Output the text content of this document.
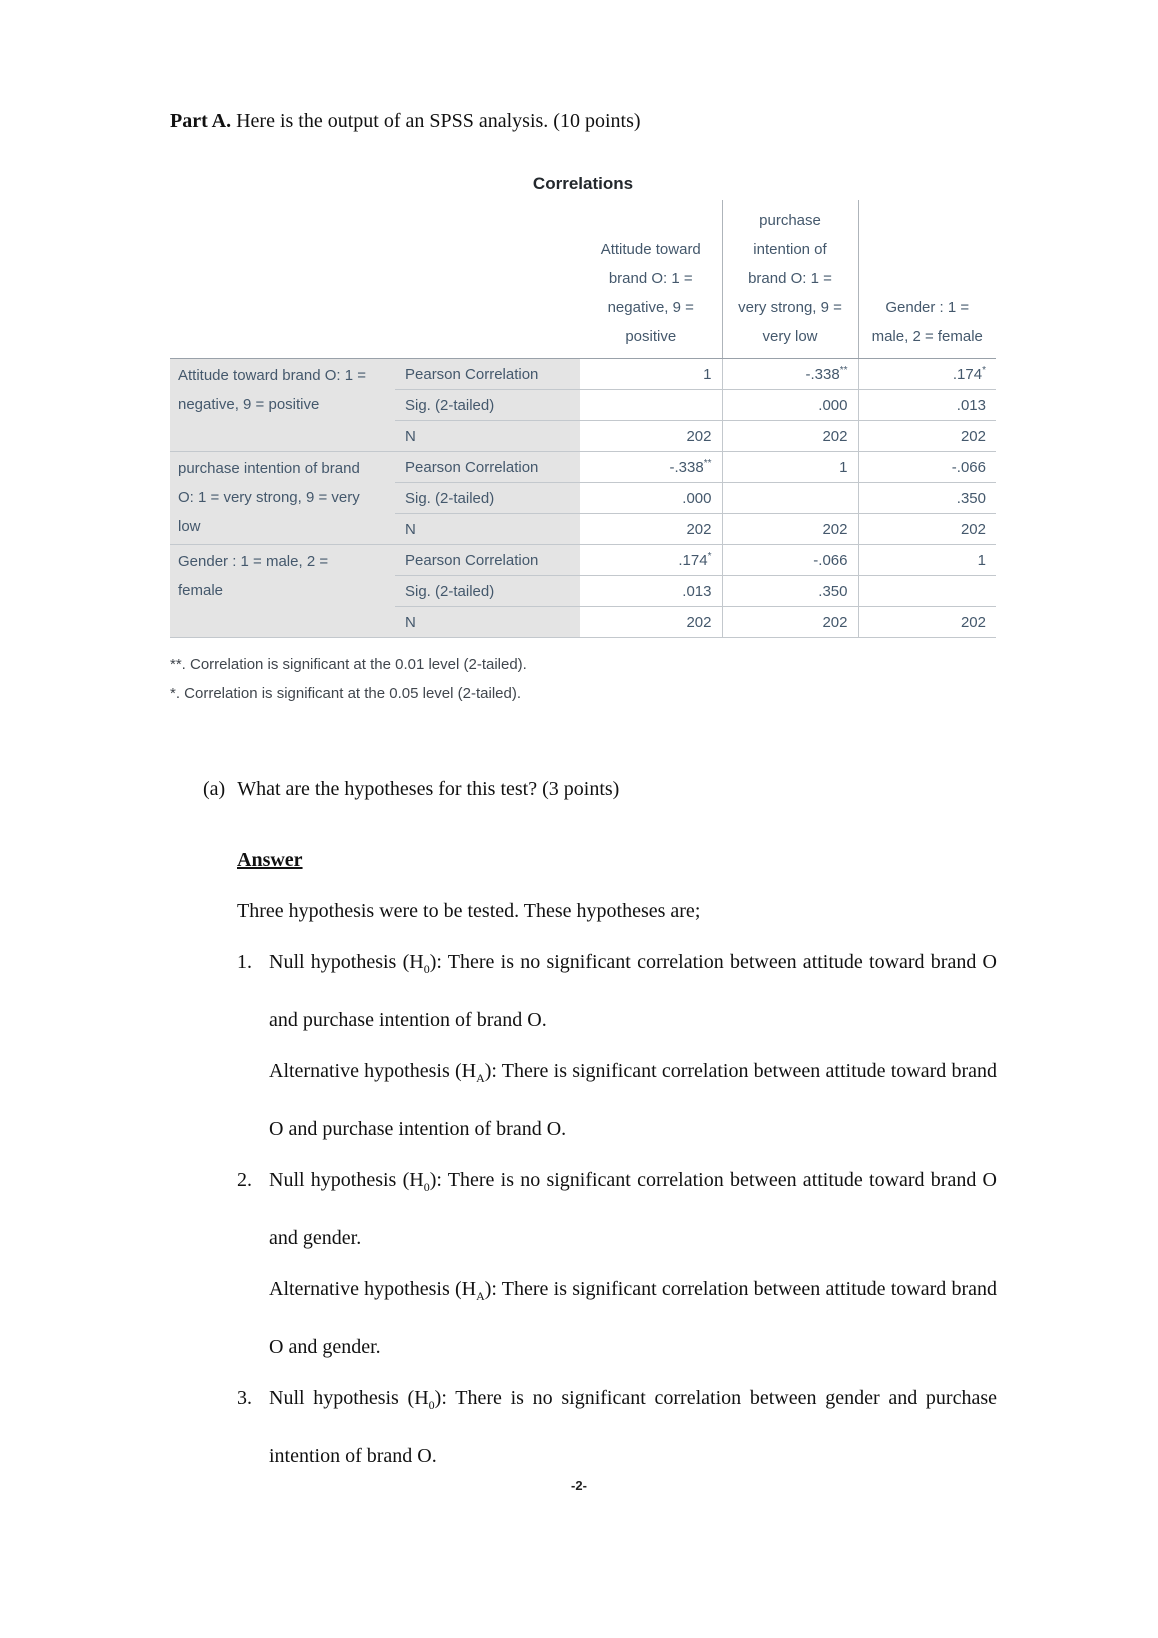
Part A. Here is the output of an SPSS analysis. (10 points)

Correlations

		Attitude toward
brand O: 1 =
negative, 9 =
positive	purchase
intention of
brand O: 1 =
very strong, 9 =
very low	Gender : 1 =
male, 2 = female

Attitude toward brand O: 1 =
negative, 9 = positive	Pearson Correlation	1	-.338**	.174*
	Sig. (2-tailed)		.000	.013
	N	202	202	202

purchase intention of brand
O: 1 = very strong, 9 = very
low	Pearson Correlation	-.338**	1	-.066
	Sig. (2-tailed)	.000		.350
	N	202	202	202

Gender : 1 = male, 2 =
female	Pearson Correlation	.174*	-.066	1
	Sig. (2-tailed)	.013	.350	
	N	202	202	202
**. Correlation is significant at the 0.01 level (2-tailed).
*. Correlation is significant at the 0.05 level (2-tailed).

(a) What are the hypotheses for this test? (3 points)

Answer
Three hypothesis were to be tested. These hypotheses are;
1. Null hypothesis $(H_0)$: There is no significant correlation between attitude toward brand O and purchase intention of brand O.

Alternative hypothesis $(H_A)$: There is significant correlation between attitude toward brand O and purchase intention of brand O.

2. Null hypothesis $(H_0)$: There is no significant correlation between attitude toward brand O and gender.

Alternative hypothesis $(H_A)$: There is significant correlation between attitude toward brand O and gender.

3. Null hypothesis $(H_0)$: There is no significant correlation between gender and purchase intention of brand O.

-2-
